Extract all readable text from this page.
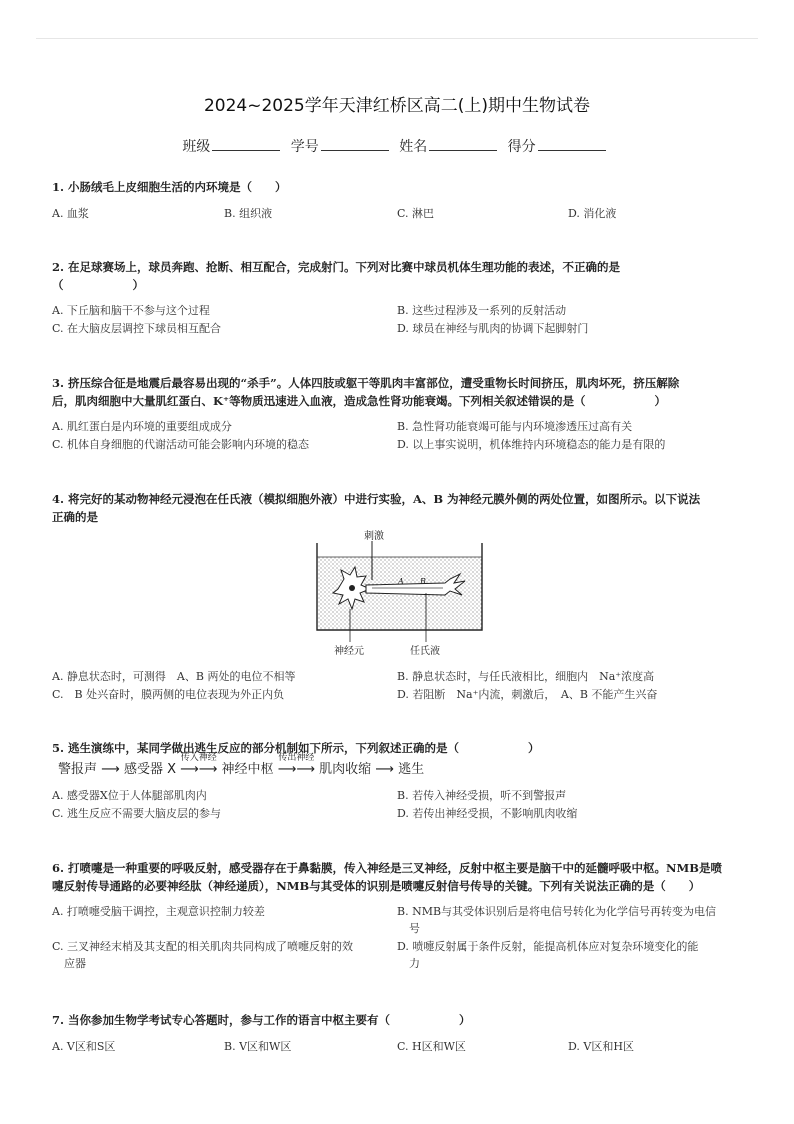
2024~2025学年天津红桥区高二(上)期中生物试卷
班级	学号	姓名	得分
1. 小肠绒毛上皮细胞生活的内环境是（　　）
A. 血浆	B. 组织液	C. 淋巴	D. 消化液
2. 在足球赛场上，球员奔跑、抢断、相互配合，完成射门。下列对比赛中球员机体生理功能的表述，不正确的是
（　　　　　　）
A. 下丘脑和脑干不参与这个过程	B. 这些过程涉及一系列的反射活动
C. 在大脑皮层调控下球员相互配合	D. 球员在神经与肌肉的协调下起脚射门
3. 挤压综合征是地震后最容易出现的“杀手”。人体四肢或躯干等肌肉丰富部位，遭受重物长时间挤压，肌肉坏死，挤压解除
后，肌肉细胞中大量肌红蛋白、K⁺等物质迅速进入血液，造成急性肾功能衰竭。下列相关叙述错误的是（　　　　　　）
A. 肌红蛋白是内环境的重要组成成分	B. 急性肾功能衰竭可能与内环境渗透压过高有关
C. 机体自身细胞的代谢活动可能会影响内环境的稳态	D. 以上事实说明，机体维持内环境稳态的能力是有限的
4. 将完好的某动物神经元浸泡在任氏液（模拟细胞外液）中进行实验，A、B 为神经元膜外侧的两处位置，如图所示。以下说法
正确的是
刺激
A B
神经元	任氏液
A. 静息状态时，可测得　A、B 两处的电位不相等	B. 静息状态时，与任氏液相比，细胞内　Na⁺浓度高
C.　B 处兴奋时，膜两侧的电位表现为外正内负	D. 若阻断　Na⁺内流，刺激后，　A、B 不能产生兴奋
5. 逃生演练中，某同学做出逃生反应的部分机制如下所示，下列叙述正确的是（　　　　　　）
警报声 ⟶ 感受器 X
传入神经
⟶⟶ 神经中枢
传出神经
⟶⟶ 肌肉收缩 ⟶ 逃生
A. 感受器X位于人体腿部肌肉内	B. 若传入神经受损，听不到警报声
C. 逃生反应不需要大脑皮层的参与	D. 若传出神经受损，不影响肌肉收缩
6. 打喷嚏是一种重要的呼吸反射，感受器存在于鼻黏膜，传入神经是三叉神经，反射中枢主要是脑干中的延髓呼吸中枢。NMB是喷
嚏反射传导通路的必要神经肽（神经递质），NMB与其受体的识别是喷嚏反射信号传导的关键。下列有关说法正确的是（　　）
A. 打喷嚏受脑干调控，主观意识控制力较差	B. NMB与其受体识别后是将电信号转化为化学信号再转变为电信
号
C. 三叉神经末梢及其支配的相关肌肉共同构成了喷嚏反射的效
应器
D. 喷嚏反射属于条件反射，能提高机体应对复杂环境变化的能
力
7. 当你参加生物学考试专心答题时，参与工作的语言中枢主要有（　　　　　　）
A. V区和S区	B. V区和W区	C. H区和W区	D. V区和H区
